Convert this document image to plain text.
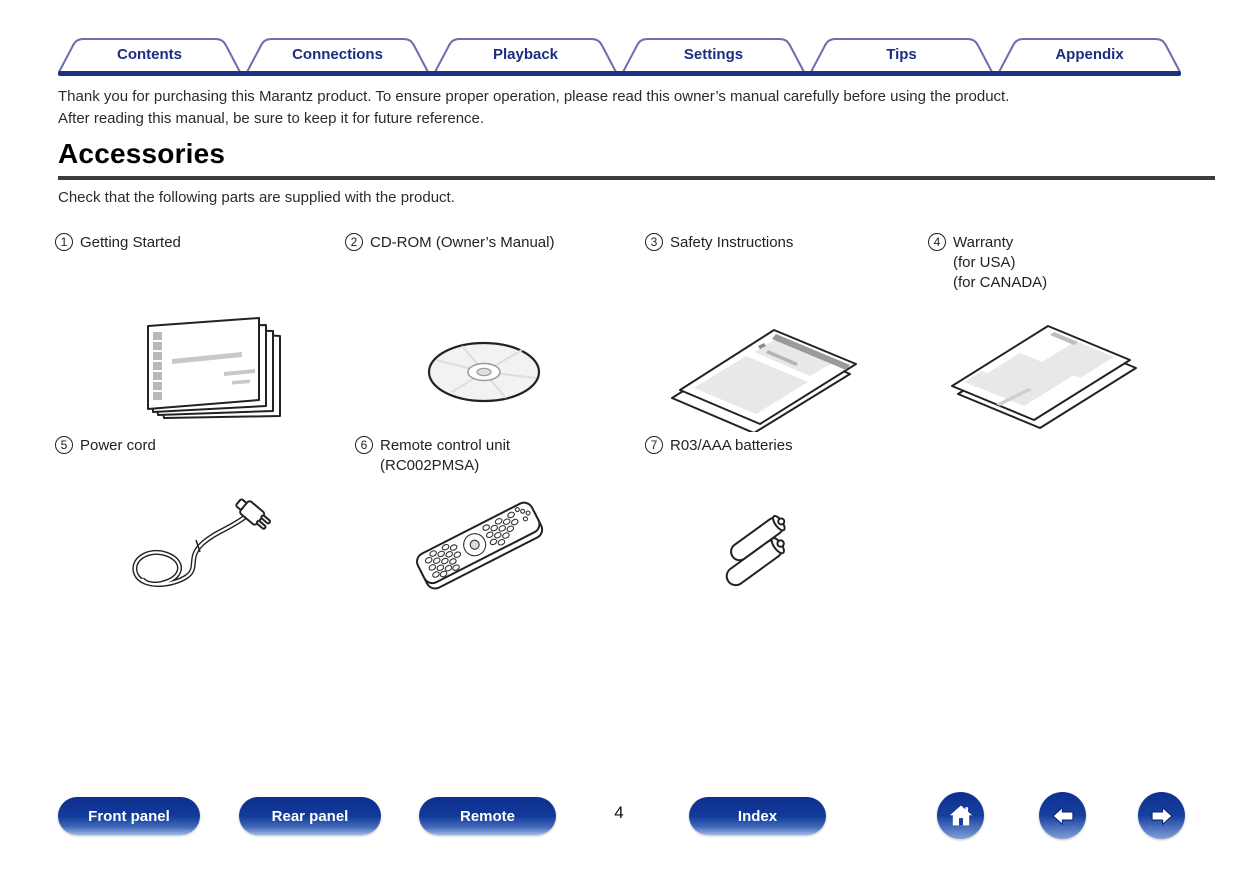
Contents	Connections	Playback	Settings	Tips	Appendix
Thank you for purchasing this Marantz product. To ensure proper operation, please read this owner’s manual carefully before using the product.
After reading this manual, be sure to keep it for future reference.
Accessories
Check that the following parts are supplied with the product.
1 Getting Started	2 CD-ROM (Owner’s Manual)	3 Safety Instructions	4 Warranty
(for USA)
(for CANADA)
5 Power cord	6 Remote control unit
(RC002PMSA)
7 R03/AAA batteries
Front panel	Rear panel	Remote	4	Index
